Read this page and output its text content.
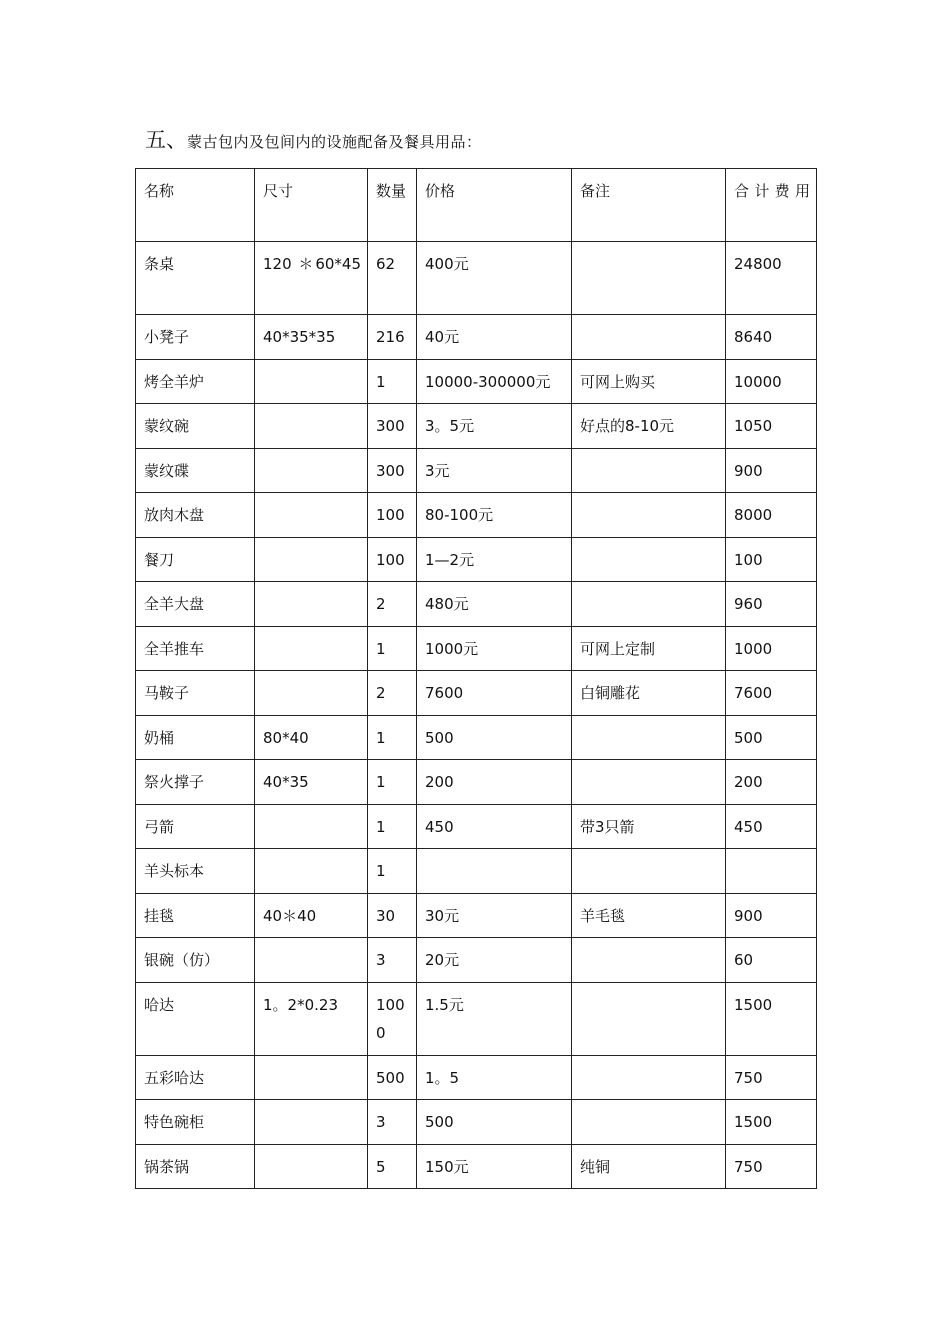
五、蒙古包内及包间内的设施配备及餐具用品：
名称	尺寸	数量	价格	备注	合计费用
条桌	120 ＊60*45	62	400元		24800
小凳子	40*35*35	216	40元		8640
烤全羊炉		1	10000-300000元	可网上购买	10000
蒙纹碗		300	3。5元	好点的8-10元	1050
蒙纹碟		300	3元		900
放肉木盘		100	80-100元		8000
餐刀		100	1—2元		100
全羊大盘		2	480元		960
全羊推车		1	1000元	可网上定制	1000
马鞍子		2	7600	白铜雕花	7600
奶桶	80*40	1	500		500
祭火撑子	40*35	1	200		200
弓箭		1	450	带3只箭	450
羊头标本		1			
挂毯	40＊40	30	30元	羊毛毯	900
银碗（仿）		3	20元		60
哈达	1。2*0.23	1000	1.5元		1500
五彩哈达		500	1。5		750
特色碗柜		3	500		1500
锅茶锅		5	150元	纯铜	750
